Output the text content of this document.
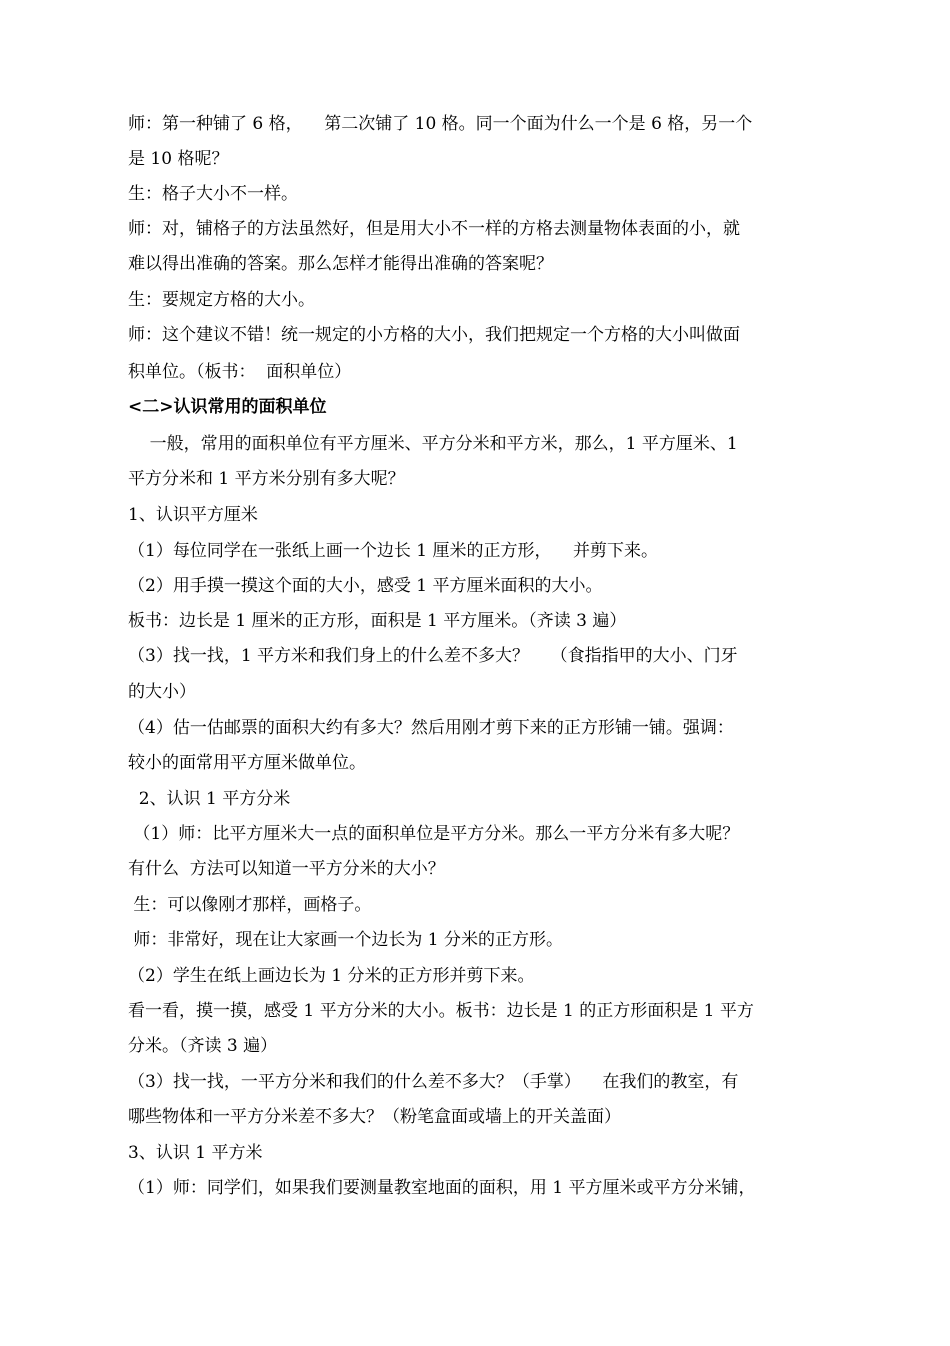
师：第一种铺了 6 格，    第二次铺了 10 格。同一个面为什么一个是 6 格，另一个
是 10 格呢？
生：格子大小不一样。
师：对，铺格子的方法虽然好，但是用大小不一样的方格去测量物体表面的小，就
难以得出准确的答案。那么怎样才能得出准确的答案呢？
生：要规定方格的大小。
师：这个建议不错！统一规定的小方格的大小，我们把规定一个方格的大小叫做面
积单位。（板书：  面积单位）
<二>认识常用的面积单位
一般，常用的面积单位有平方厘米、平方分米和平方米，那么，1 平方厘米、1
平方分米和 1 平方米分别有多大呢？
1、认识平方厘米
（1）每位同学在一张纸上画一个边长 1 厘米的正方形，    并剪下来。
（2）用手摸一摸这个面的大小，感受 1 平方厘米面积的大小。
板书：边长是 1 厘米的正方形，面积是 1 平方厘米。（齐读 3 遍）
（3）找一找，1 平方米和我们身上的什么差不多大？    （食指指甲的大小、门牙
的大小）
（4）估一估邮票的面积大约有多大？然后用刚才剪下来的正方形铺一铺。强调：
较小的面常用平方厘米做单位。
2、认识 1 平方分米
（1）师：比平方厘米大一点的面积单位是平方分米。那么一平方分米有多大呢？
有什么  方法可以知道一平方分米的大小？
生：可以像刚才那样，画格子。
师：非常好，现在让大家画一个边长为 1 分米的正方形。
（2）学生在纸上画边长为 1 分米的正方形并剪下来。
看一看，摸一摸，感受 1 平方分米的大小。板书：边长是 1 的正方形面积是 1 平方
分米。（齐读 3 遍）
（3）找一找，一平方分米和我们的什么差不多大？（手掌）    在我们的教室，有
哪些物体和一平方分米差不多大？（粉笔盒面或墙上的开关盖面）
3、认识 1 平方米
（1）师：同学们，如果我们要测量教室地面的面积，用 1 平方厘米或平方分米铺，
